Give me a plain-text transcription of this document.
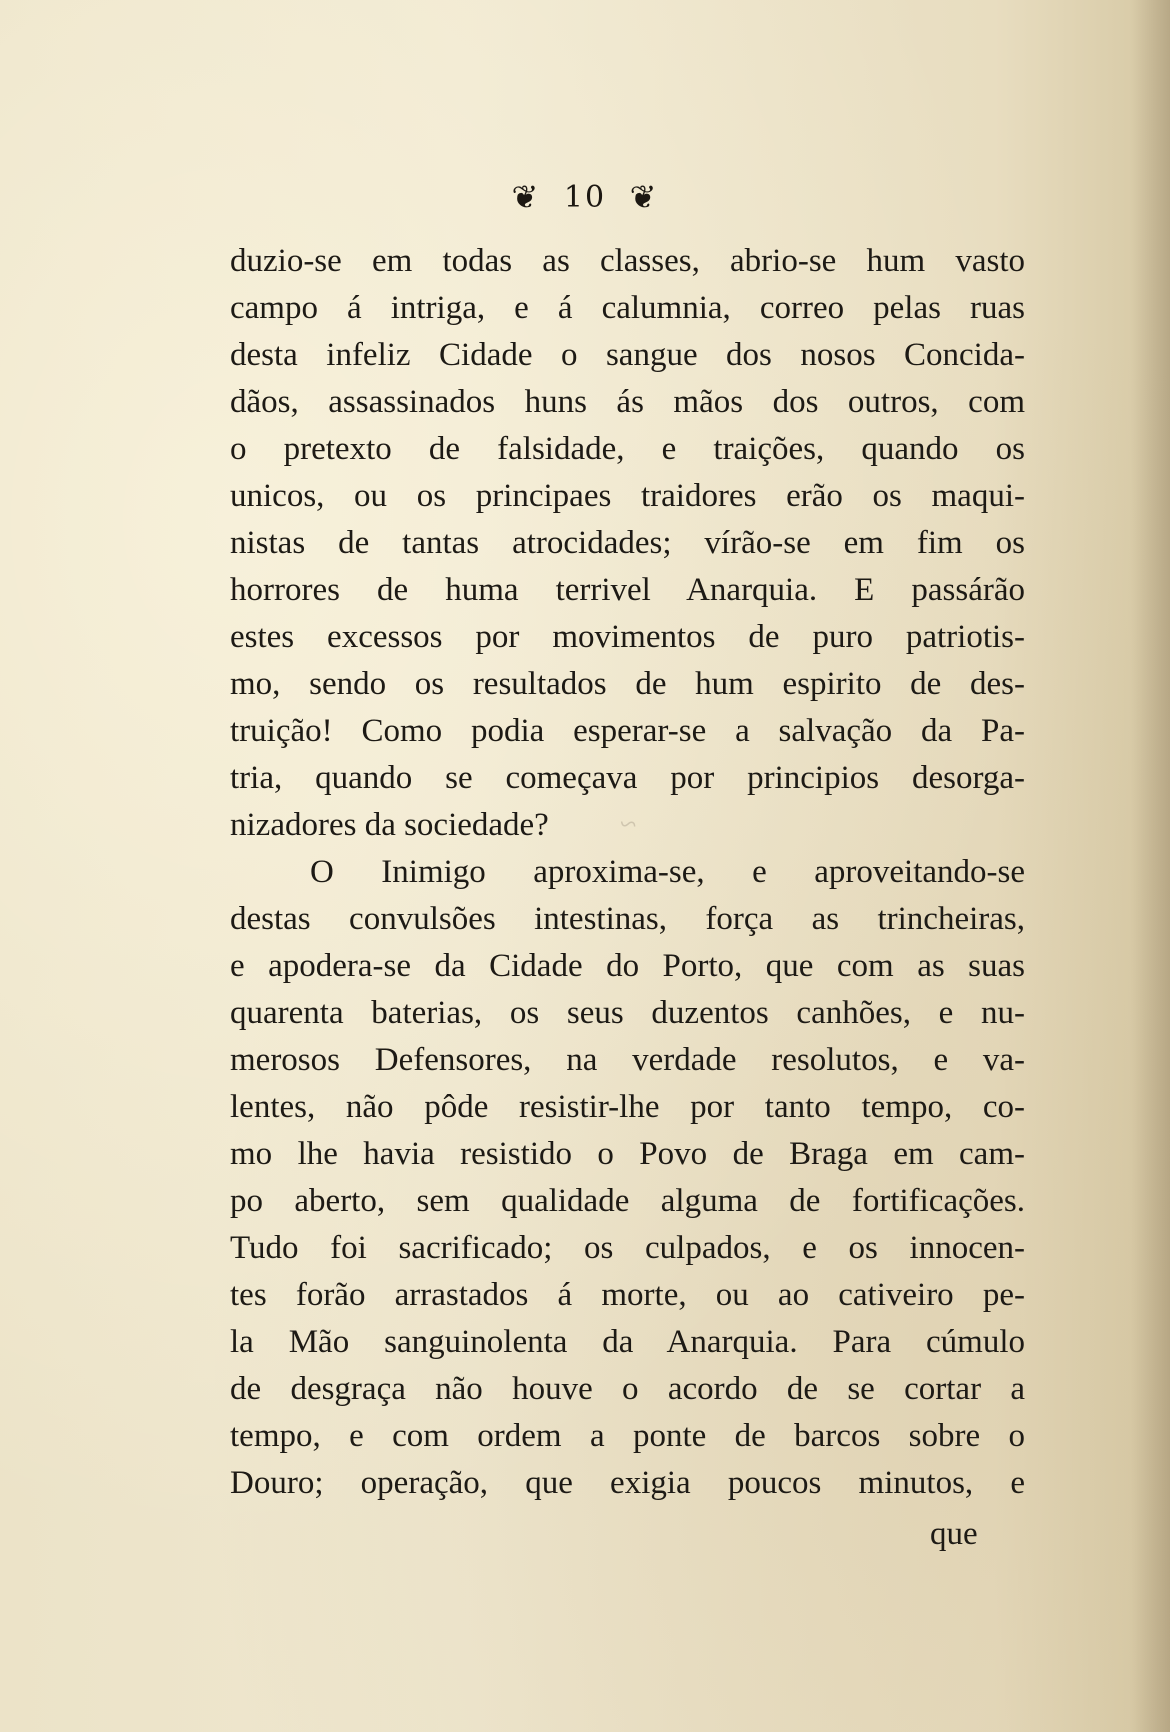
~
❦ 10 ❦
duzio-se em todas as classes, abrio-se hum vasto
campo á intriga, e á calumnia, correo pelas ruas
desta infeliz Cidade o sangue dos nosos Concida-
dãos, assassinados huns ás mãos dos outros, com
o pretexto de falsidade, e traições, quando os
unicos, ou os principaes traidores erão os maqui-
nistas de tantas atrocidades; vírão-se em fim os
horrores de huma terrivel Anarquia. E passárão
estes excessos por movimentos de puro patriotis-
mo, sendo os resultados de hum espirito de des-
truição! Como podia esperar-se a salvação da Pa-
tria, quando se começava por principios desorga-
nizadores da sociedade?
O Inimigo aproxima-se, e aproveitando-se
destas convulsões intestinas, força as trincheiras,
e apodera-se da Cidade do Porto, que com as suas
quarenta baterias, os seus duzentos canhões, e nu-
merosos Defensores, na verdade resolutos, e va-
lentes, não pôde resistir-lhe por tanto tempo, co-
mo lhe havia resistido o Povo de Braga em cam-
po aberto, sem qualidade alguma de fortificações.
Tudo foi sacrificado; os culpados, e os innocen-
tes forão arrastados á morte, ou ao cativeiro pe-
la Mão sanguinolenta da Anarquia. Para cúmulo
de desgraça não houve o acordo de se cortar a
tempo, e com ordem a ponte de barcos sobre o
Douro; operação, que exigia poucos minutos, e
que
